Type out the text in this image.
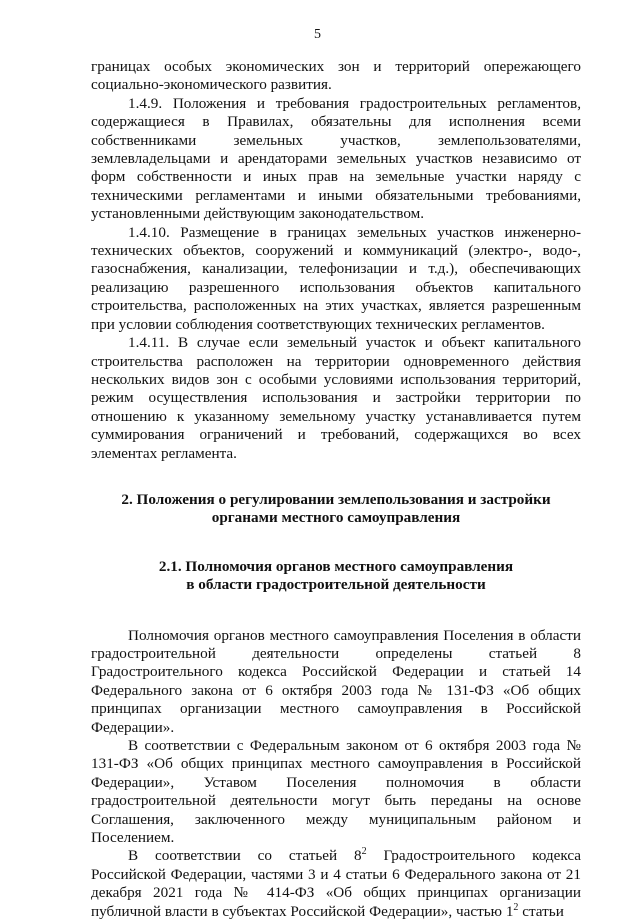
5

границах особых экономических зон и территорий опережающего социально-экономического развития.

1.4.9. Положения и требования градостроительных регламентов, содержащиеся в Правилах, обязательны для исполнения всеми собственниками земельных участков, землепользователями, землевладельцами и арендаторами земельных участков независимо от форм собственности и иных прав на земельные участки наряду с техническими регламентами и иными обязательными требованиями, установленными действующим законодательством.

1.4.10. Размещение в границах земельных участков инженерно-технических объектов, сооружений и коммуникаций (электро-, водо-, газоснабжения, канализации, телефонизации и т.д.), обеспечивающих реализацию разрешенного использования объектов капитального строительства, расположенных на этих участках, является разрешенным при условии соблюдения соответствующих технических регламентов.

1.4.11. В случае если земельный участок и объект капитального строительства расположен на территории одновременного действия нескольких видов зон с особыми условиями использования территорий, режим осуществления использования и застройки территории по отношению к указанному земельному участку устанавливается путем суммирования ограничений и требований, содержащихся во всех элементах регламента.

2. Положения о регулировании землепользования и застройки
органами местного самоуправления
2.1. Полномочия органов местного самоуправления
в области градостроительной деятельности

Полномочия органов местного самоуправления Поселения в области градостроительной деятельности определены статьей 8 Градостроительного кодекса Российской Федерации и статьей 14 Федерального закона от 6 октября 2003 года № 131-ФЗ «Об общих принципах организации местного самоуправления в Российской Федерации».

В соответствии с Федеральным законом от 6 октября 2003 года № 131-ФЗ «Об общих принципах местного самоуправления в Российской Федерации», Уставом Поселения полномочия в области градостроительной деятельности могут быть переданы на основе Соглашения, заключенного между муниципальным районом и Поселением.

В соответствии со статьей $8^2$ Градостроительного кодекса Российской Федерации, частями 3 и 4 статьи 6 Федерального закона от 21 декабря 2021 года № 414-ФЗ «Об общих принципах организации публичной власти в субъектах Российской Федерации», частью $1^2$ статьи
